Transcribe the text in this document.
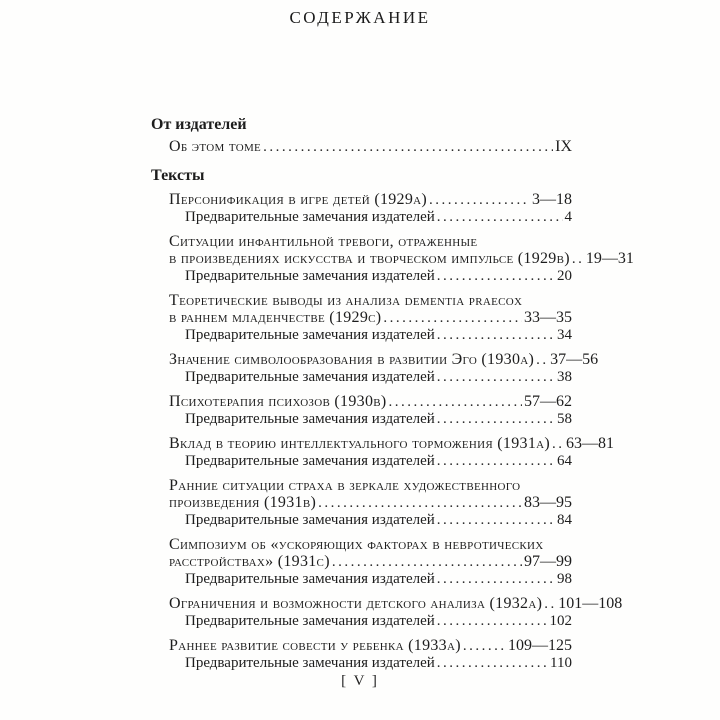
СОДЕРЖАНИЕ
От издателей
Об этом томе .....	IX
Тексты
Персонификация в игре детей (1929a) .....	3—18
Предварительные замечания издателей .....	4
Ситуации инфантильной тревоги, отраженные
в произведениях искусства и творческом импульсе (1929b) ..... 19—31
Предварительные замечания издателей .....	20
Теоретические выводы из анализа dementia praecox
в раннем младенчестве (1929c) .....	33—35
Предварительные замечания издателей .....	34
Значение символообразования в развитии Эго (1930a) ..... 37—56
Предварительные замечания издателей .....	38
Психотерапия психозов (1930b) .....	57—62
Предварительные замечания издателей .....	58
Вклад в теорию интеллектуального торможения (1931a) ..... 63—81
Предварительные замечания издателей .....	64
Ранние ситуации страха в зеркале художественного
произведения (1931b) .....	83—95
Предварительные замечания издателей .....	84
Симпозиум об «ускоряющих факторах в невротических
расстройствах» (1931c) .....	97—99
Предварительные замечания издателей .....	98
Ограничения и возможности детского анализа (1932a) ..... 101—108
Предварительные замечания издателей .....	102
Раннее развитие совести у ребенка (1933a) .....	109—125
Предварительные замечания издателей .....	110
[ V ]
